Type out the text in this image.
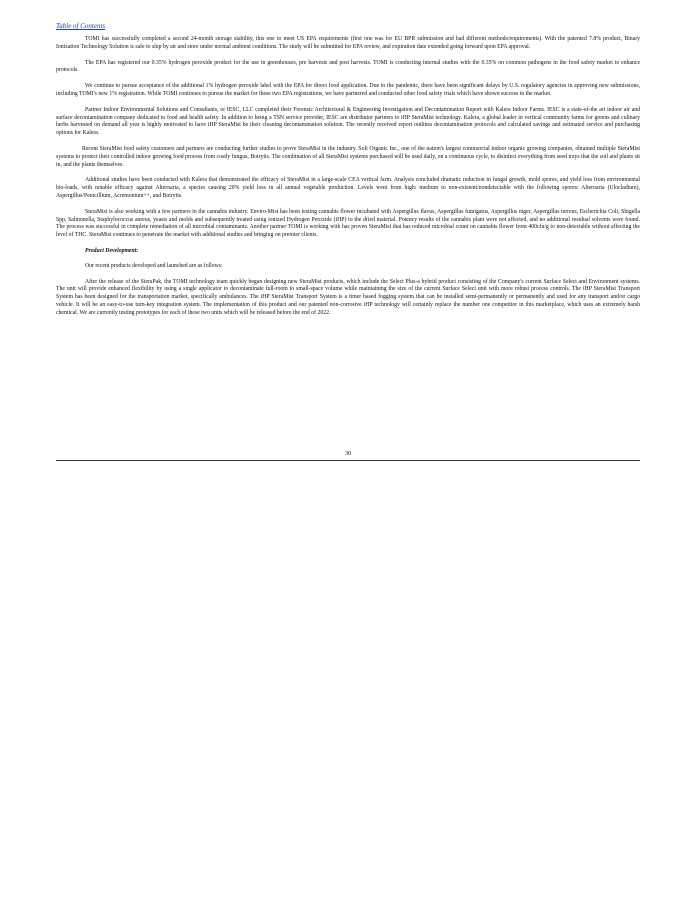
Table of Contents

TOMI has successfully completed a second 24-month storage stability, this one to meet US EPA requirements (first one was for EU BPR submission and had different methods/requirements). With the patented 7.8% product, Binary Ionization Technology Solution is safe to ship by air and store under normal ambient conditions. The study will be submitted for EPA review, and expiration date extended going forward upon EPA approval.

The EPA has registered our 0.35% hydrogen peroxide product for the use in greenhouses, pre harvests and post harvests. TOMI is conducting internal studies with the 0.35% on common pathogens in the food safety market to enhance protocols.

We continue to pursue acceptance of the additional 1% hydrogen peroxide label with the EPA for direct food application. Due to the pandemic, there have been significant delays by U.S. regulatory agencies in approving new submissions, including TOMI's new 1% registration. While TOMI continues to pursue the market for these two EPA registrations, we have partnered and conducted other food safety trials which have shown success in the market.

Partner Indoor Environmental Solutions and Consultants, or IESC, LLC completed their Forensic Architectural & Engineering Investigation and Decontamination Report with Kalera Indoor Farms. IESC is a state-of-the art indoor air and surface decontamination company dedicated to food and health safety. In addition to being a TSN service provider, IESC are distributor partners to iHP SteraMist technology. Kalera, a global leader in vertical community farms for greens and culinary herbs harvested on demand all year is highly motivated to have iHP SteraMist be their cleaning decontamination solution. The recently received report outlines decontamination protocols and calculated savings and estimated service and purchasing options for Kalera.

Recent SteraMist food safety customers and partners are conducting further studies to prove SteraMist in the industry. Soli Organic Inc., one of the nation's largest commercial indoor organic growing companies, obtained multiple SteraMist systems to protect their controlled indoor growing food process from costly fungus, Botrytis. The combination of all SteraMist systems purchased will be used daily, on a continuous cycle, to disinfect everything from seed trays that the soil and plants sit in, and the plants themselves.

Additional studies have been conducted with Kalera that demonstrated the efficacy of SteraMist in a large-scale CEA vertical farm. Analysis concluded dramatic reduction in fungal growth, mold spores, and yield loss from environmental bio-loads, with notable efficacy against Alternaria, a species causing 20% yield loss in all annual vegetable production. Levels went from high/ medium to non-existent/nondetectable with the following spores: Alternaria (Ulocladium), Aspergillus/Penicillium, Acremonium++, and Botrytis.

SteraMist is also working with a few partners in the cannabis industry. Enviro-Mist has been testing cannabis flower incubated with Aspergillus flavus, Aspergillus fumigatus, Aspergillus niger, Aspergillus terreus, Escherichia Coli, Shigella Spp, Salmonella, Staphylococcus aureus, yeasts and molds and subsequently treated using ionized Hydrogen Peroxide (iHP) to the dried material. Potency results of the cannabis plant were not affected, and no additional residual solvents were found. The process was successful in complete remediation of all microbial contaminants. Another partner TOMI is working with has proven SteraMist that has reduced microbial count on cannabis flower from 400cfu/g to non-detectable without affecting the level of THC. SteraMist continues to penetrate the market with additional studies and bringing on premier clients.

Product Development:

Our recent products developed and launched are as follows:

After the release of the SteraPak, the TOMI technology team quickly began designing new SteraMist products, which include the Select Plus-a hybrid product consisting of the Company's current Surface Select and Environment systems. The unit will provide enhanced flexibility by using a single applicator to decontaminate full-room to small-space volume while maintaining the size of the current Surface Select unit with more robust process controls. The iHP SteraMist Transport System has been designed for the transportation market, specifically ambulances. The iHP SteraMist Transport System is a timer based fogging system that can be installed semi-permanently or permanently and used for any transport and/or cargo vehicle. It will be an easy-to-use turn-key integration system. The implementation of this product and our patented non-corrosive iHP technology will certainly replace the number one competitor in this marketplace, which uses an extremely harsh chemical. We are currently testing prototypes for each of these two units which will be released before the end of 2022.

30
